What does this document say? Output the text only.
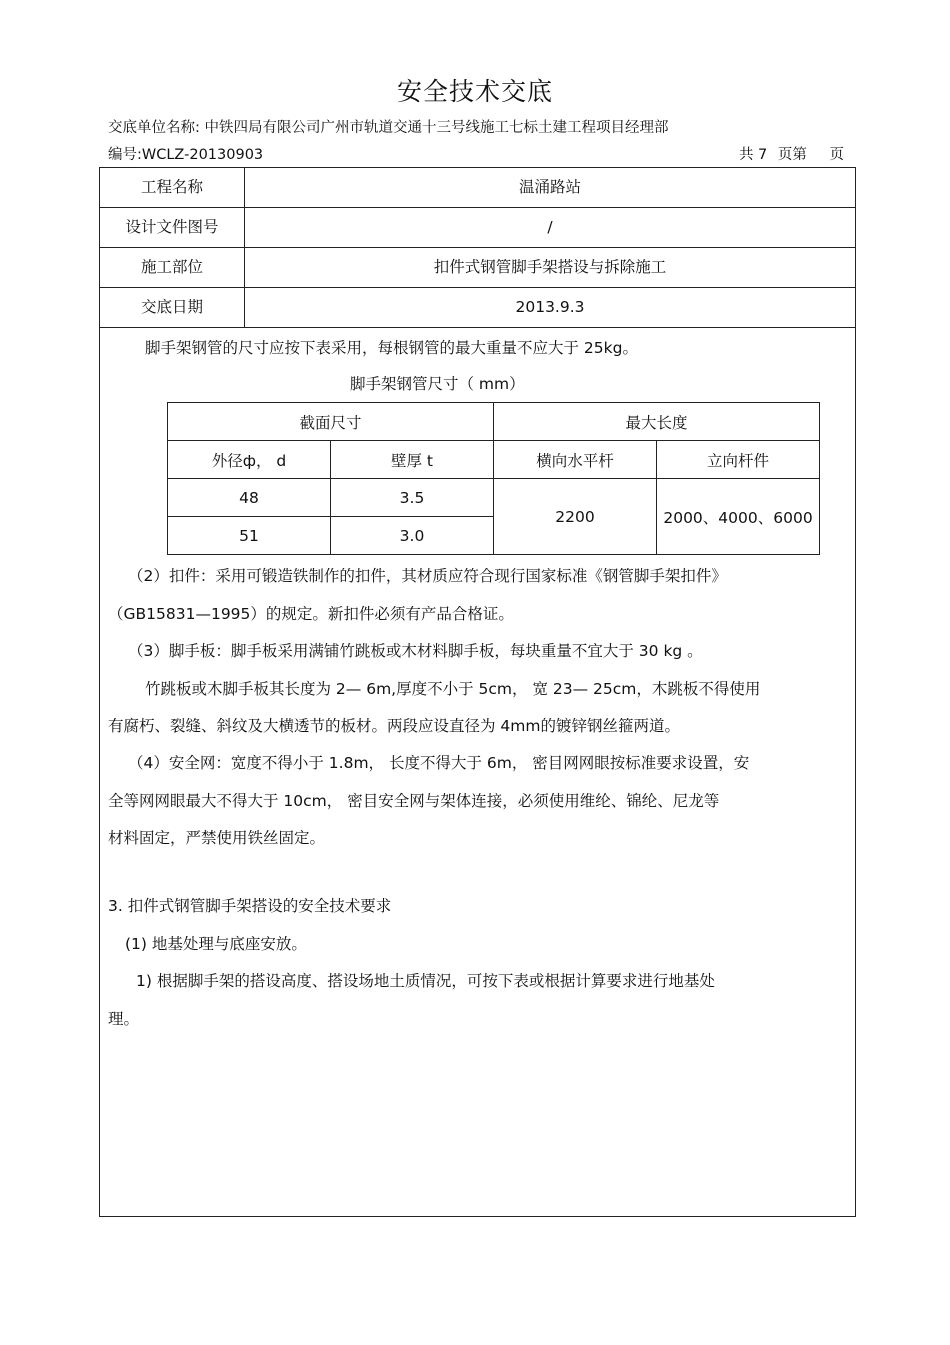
安全技术交底
交底单位名称: 中铁四局有限公司广州市轨道交通十三号线施工七标土建工程项目经理部
编号:WCLZ-20130903	共 7 页第 页
工程名称	温涌路站
设计文件图号	/
施工部位	扣件式钢管脚手架搭设与拆除施工
交底日期	2013.9.3
脚手架钢管的尺寸应按下表采用，每根钢管的最大重量不应大于 25kg。
脚手架钢管尺寸（ mm）
截面尺寸		最大长度	
外径ф， d	壁厚 t	横向水平杆	立向杆件
48	3.5	2200	2000、4000、6000
51	3.0		
（2）扣件：采用可锻造铁制作的扣件，其材质应符合现行国家标准《钢管脚手架扣件》
（GB15831—1995）的规定。新扣件必须有产品合格证。
（3）脚手板：脚手板采用满铺竹跳板或木材料脚手板，每块重量不宜大于 30 kg 。
竹跳板或木脚手板其长度为 2— 6m,厚度不小于 5cm， 宽 23— 25cm，木跳板不得使用
有腐朽、裂缝、斜纹及大横透节的板材。两段应设直径为 4mm的镀锌钢丝箍两道。
（4）安全网：宽度不得小于 1.8m， 长度不得大于 6m， 密目网网眼按标准要求设置，安
全等网网眼最大不得大于 10cm， 密目安全网与架体连接，必须使用维纶、锦纶、尼龙等
材料固定，严禁使用铁丝固定。
3. 扣件式钢管脚手架搭设的安全技术要求
(1) 地基处理与底座安放。
1) 根据脚手架的搭设高度、搭设场地土质情况，可按下表或根据计算要求进行地基处
理。
